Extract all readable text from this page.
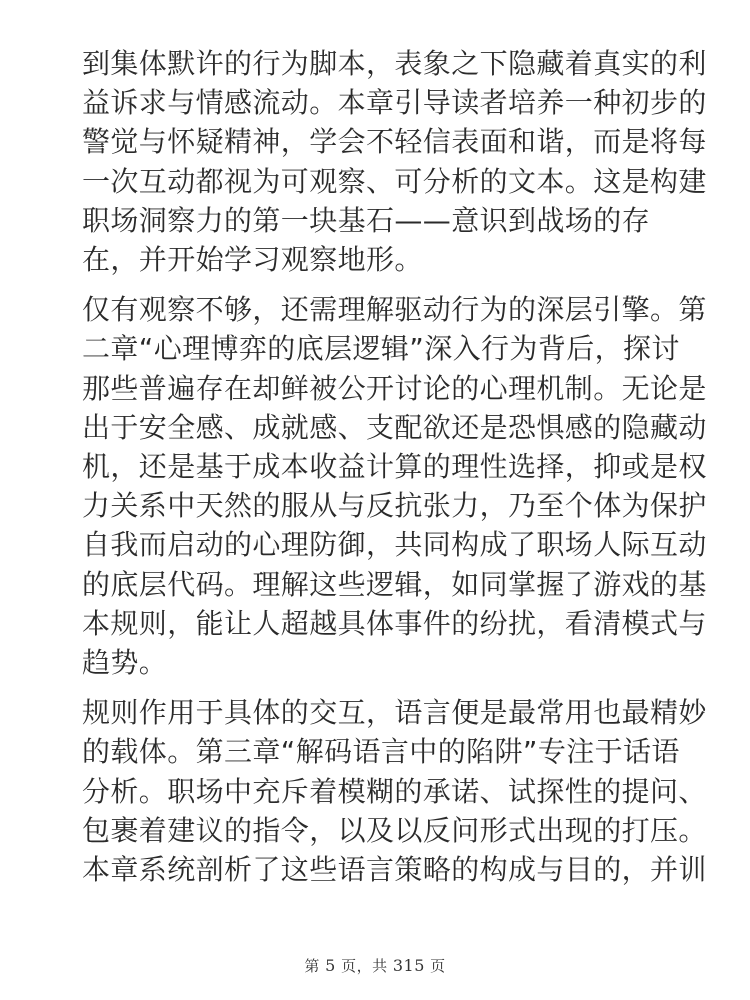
到集体默许的行为脚本，表象之下隐藏着真实的利
益诉求与情感流动。本章引导读者培养一种初步的
警觉与怀疑精神，学会不轻信表面和谐，而是将每
一次互动都视为可观察、可分析的文本。这是构建
职场洞察力的第一块基石——意识到战场的存
在，并开始学习观察地形。

仅有观察不够，还需理解驱动行为的深层引擎。第
二章“心理博弈的底层逻辑”深入行为背后，探讨
那些普遍存在却鲜被公开讨论的心理机制。无论是
出于安全感、成就感、支配欲还是恐惧感的隐藏动
机，还是基于成本收益计算的理性选择，抑或是权
力关系中天然的服从与反抗张力，乃至个体为保护
自我而启动的心理防御，共同构成了职场人际互动
的底层代码。理解这些逻辑，如同掌握了游戏的基
本规则，能让人超越具体事件的纷扰，看清模式与
趋势。

规则作用于具体的交互，语言便是最常用也最精妙
的载体。第三章“解码语言中的陷阱”专注于话语
分析。职场中充斥着模糊的承诺、试探性的提问、
包裹着建议的指令，以及以反问形式出现的打压。
本章系统剖析了这些语言策略的构成与目的，并训

第 5 页，共 315 页
